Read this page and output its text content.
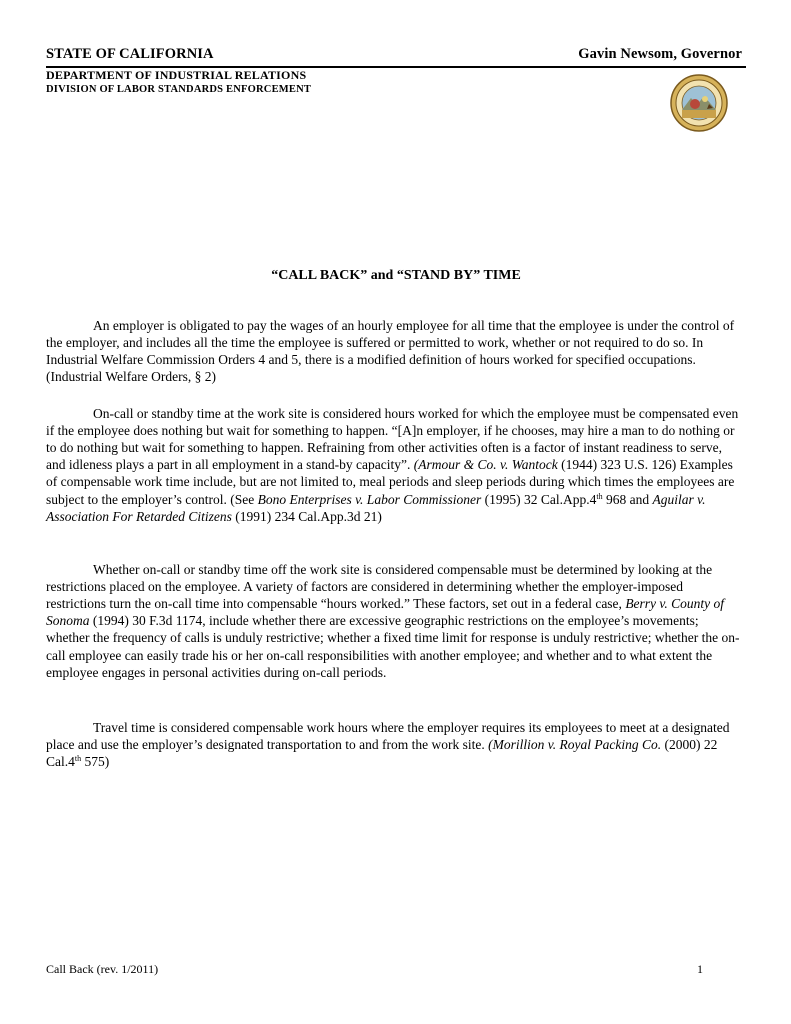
STATE OF CALIFORNIA	Gavin Newsom, Governor
DEPARTMENT OF INDUSTRIAL RELATIONS
DIVISION OF LABOR STANDARDS ENFORCEMENT
“CALL BACK” and “STAND BY” TIME

An employer is obligated to pay the wages of an hourly employee for all time that the employee is under the control of the employer, and includes all the time the employee is suffered or permitted to work, whether or not required to do so. In Industrial Welfare Commission Orders 4 and 5, there is a modified definition of hours worked for specified occupations. (Industrial Welfare Orders, § 2)

On-call or standby time at the work site is considered hours worked for which the employee must be compensated even if the employee does nothing but wait for something to happen. “[A]n employer, if he chooses, may hire a man to do nothing or to do nothing but wait for something to happen. Refraining from other activities often is a factor of instant readiness to serve, and idleness plays a part in all employment in a stand-by capacity”. (Armour & Co. v. Wantock (1944) 323 U.S. 126) Examples of compensable work time include, but are not limited to, meal periods and sleep periods during which times the employees are subject to the employer’s control. (See Bono Enterprises v. Labor Commissioner (1995) 32 Cal.App.4th 968 and Aguilar v. Association For Retarded Citizens (1991) 234 Cal.App.3d 21)

Whether on-call or standby time off the work site is considered compensable must be determined by looking at the restrictions placed on the employee. A variety of factors are considered in determining whether the employer-imposed restrictions turn the on-call time into compensable “hours worked.” These factors, set out in a federal case, Berry v. County of Sonoma (1994) 30 F.3d 1174, include whether there are excessive geographic restrictions on the employee’s movements; whether the frequency of calls is unduly restrictive; whether a fixed time limit for response is unduly restrictive; whether the on-call employee can easily trade his or her on-call responsibilities with another employee; and whether and to what extent the employee engages in personal activities during on-call periods.

Travel time is considered compensable work hours where the employer requires its employees to meet at a designated place and use the employer’s designated transportation to and from the work site. (Morillion v. Royal Packing Co. (2000) 22 Cal.4th 575)

Call Back (rev. 1/2011)	1
